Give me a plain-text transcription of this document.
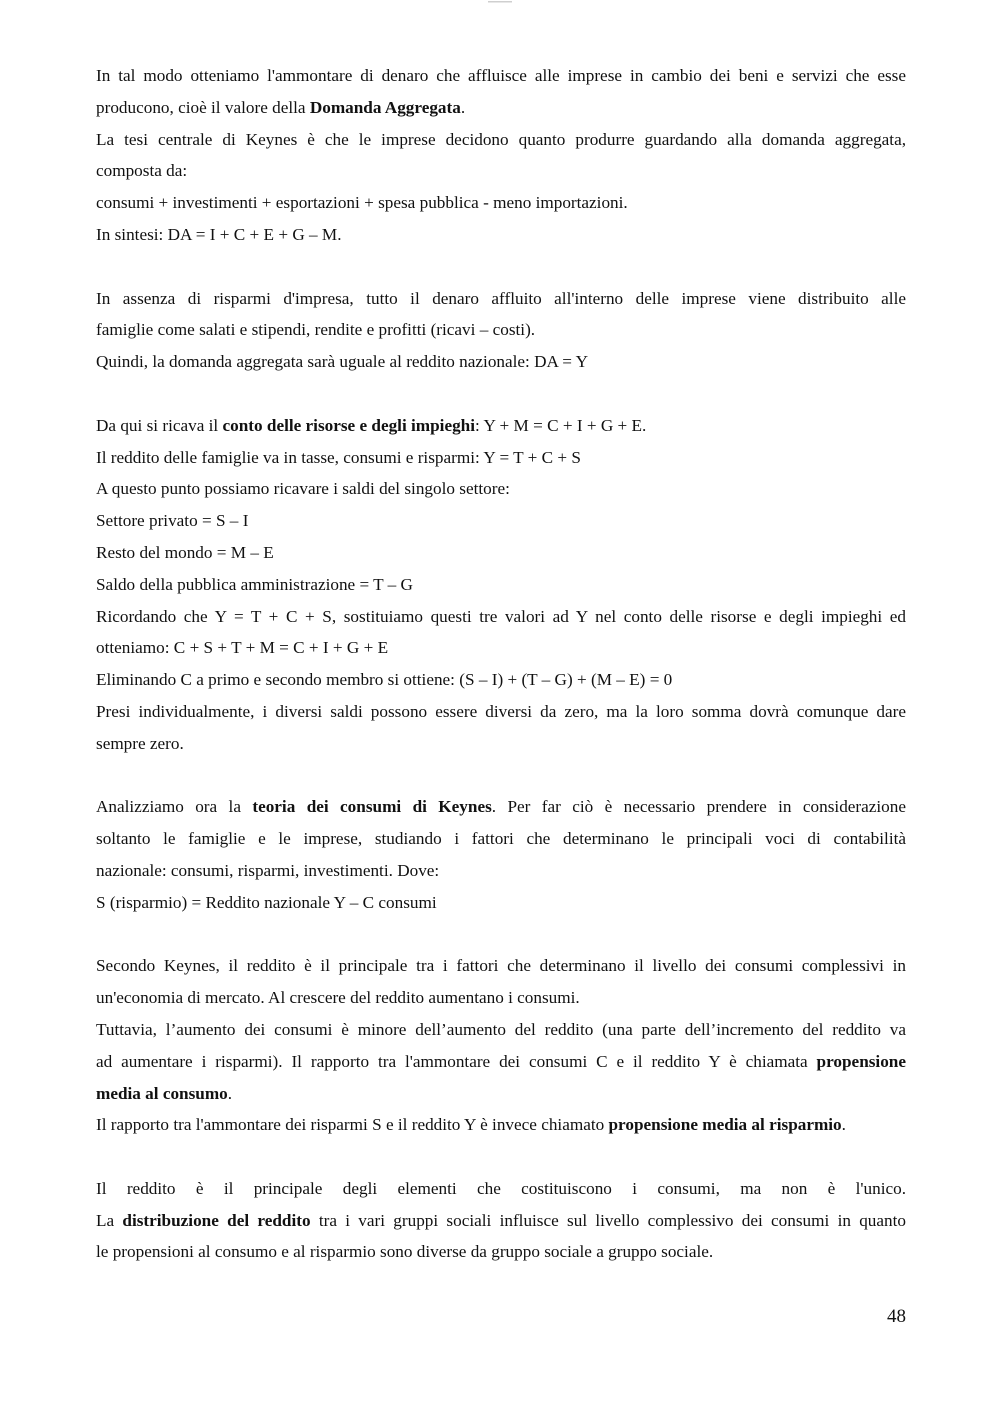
In tal modo otteniamo l'ammontare di denaro che affluisce alle imprese in cambio dei beni e servizi che esse
producono, cioè il valore della Domanda Aggregata.
La tesi centrale di Keynes è che le imprese decidono quanto produrre guardando alla domanda aggregata,
composta da:
consumi + investimenti + esportazioni + spesa pubblica - meno importazioni.
In sintesi: DA = I + C + E + G – M.
In assenza di risparmi d'impresa, tutto il denaro affluito all'interno delle imprese viene distribuito alle
famiglie come salati e stipendi, rendite e profitti (ricavi – costi).
Quindi, la domanda aggregata sarà uguale al reddito nazionale: DA = Y
Da qui si ricava il conto delle risorse e degli impieghi: Y + M = C + I + G + E.
Il reddito delle famiglie va in tasse, consumi e risparmi: Y = T + C + S
A questo punto possiamo ricavare i saldi del singolo settore:
Settore privato = S – I
Resto del mondo = M – E
Saldo della pubblica amministrazione = T – G
Ricordando che Y = T + C + S, sostituiamo questi tre valori ad Y nel conto delle risorse e degli impieghi ed
otteniamo: C + S + T + M = C + I + G + E
Eliminando C a primo e secondo membro si ottiene: (S – I) + (T – G) + (M – E) = 0
Presi individualmente, i diversi saldi possono essere diversi da zero, ma la loro somma dovrà comunque dare
sempre zero.
Analizziamo ora la teoria dei consumi di Keynes. Per far ciò è necessario prendere in considerazione
soltanto le famiglie e le imprese, studiando i fattori che determinano le principali voci di contabilità
nazionale: consumi, risparmi, investimenti. Dove:
S (risparmio) = Reddito nazionale Y – C consumi
Secondo Keynes, il reddito è il principale tra i fattori che determinano il livello dei consumi complessivi in
un'economia di mercato. Al crescere del reddito aumentano i consumi.
Tuttavia, l’aumento dei consumi è minore dell’aumento del reddito (una parte dell’incremento del reddito va
ad aumentare i risparmi). Il rapporto tra l'ammontare dei consumi C e il reddito Y è chiamata propensione
media al consumo.
Il rapporto tra l'ammontare dei risparmi S e il reddito Y è invece chiamato propensione media al risparmio.
Il reddito è il principale degli elementi che costituiscono i consumi, ma non è l'unico.
La distribuzione del reddito tra i vari gruppi sociali influisce sul livello complessivo dei consumi in quanto
le propensioni al consumo e al risparmio sono diverse da gruppo sociale a gruppo sociale.
48
